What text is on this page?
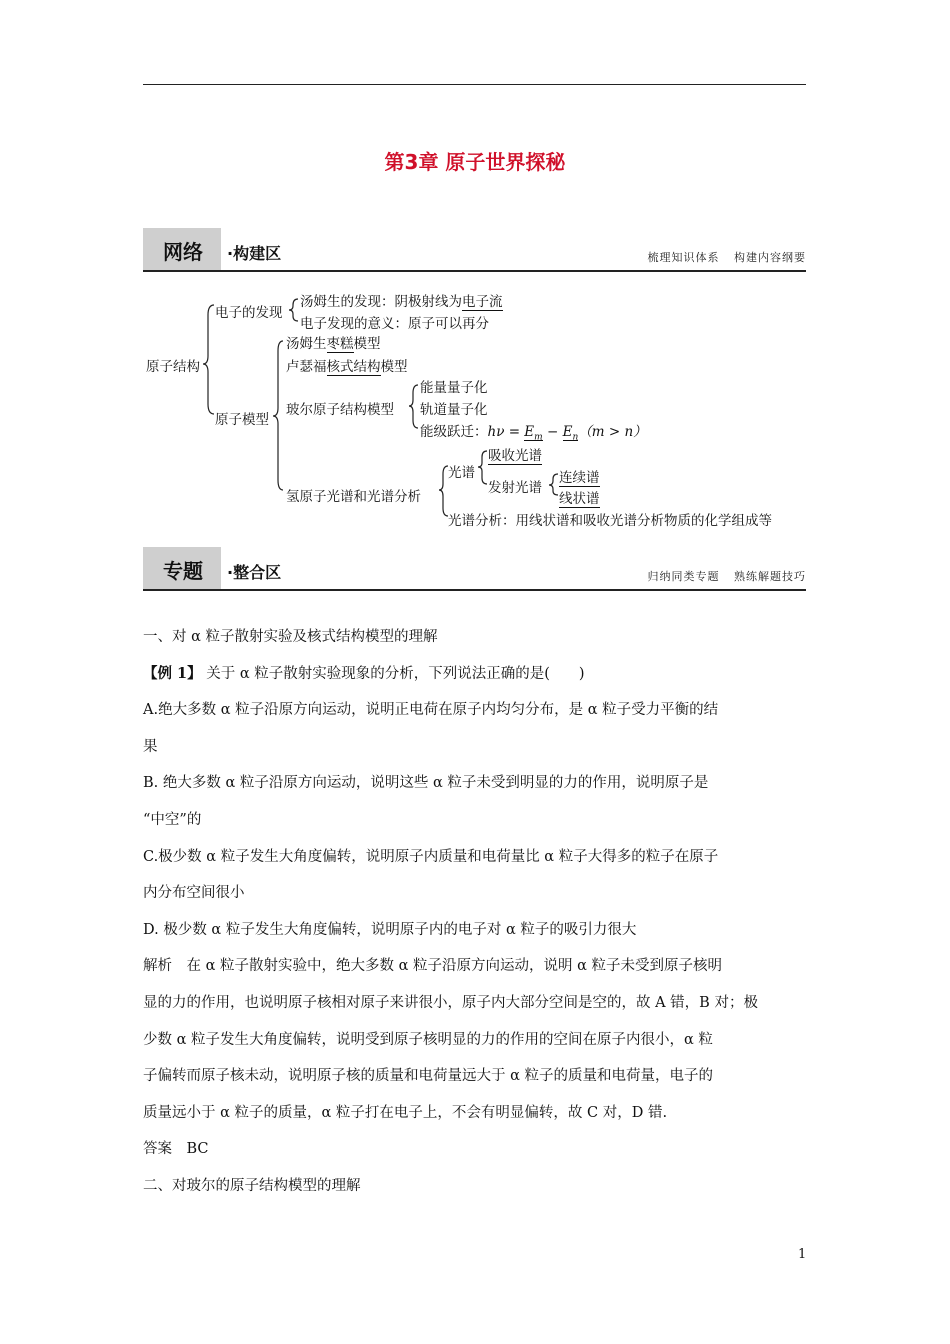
第3章 原子世界探秘
网络 ·构建区	梳理知识体系 构建内容纲要
原子结构
电子的发现
汤姆生的发现：阴极射线为电子流
电子发现的意义：原子可以再分
原子模型
汤姆生枣糕模型
卢瑟福核式结构模型
玻尔原子结构模型
能量量子化
轨道量子化
能级跃迁：$h\nu = E_m - E_n(m > n)$
氢原子光谱和光谱分析
光谱
吸收光谱
发射光谱
连续谱
线状谱
光谱分析：用线状谱和吸收光谱分析物质的化学组成等
专题 ·整合区	归纳同类专题 熟练解题技巧

一、对 α 粒子散射实验及核式结构模型的理解

【例 1】 关于 α 粒子散射实验现象的分析，下列说法正确的是(　　)

A.绝大多数 α 粒子沿原方向运动，说明正电荷在原子内均匀分布，是 α 粒子受力平衡的结

果

B. 绝大多数 α 粒子沿原方向运动，说明这些 α 粒子未受到明显的力的作用，说明原子是

“中空”的

C.极少数 α 粒子发生大角度偏转，说明原子内质量和电荷量比 α 粒子大得多的粒子在原子

内分布空间很小

D. 极少数 α 粒子发生大角度偏转，说明原子内的电子对 α 粒子的吸引力很大

解析　在 α 粒子散射实验中，绝大多数 α 粒子沿原方向运动，说明 α 粒子未受到原子核明

显的力的作用，也说明原子核相对原子来讲很小，原子内大部分空间是空的，故 A 错，B 对；极

少数 α 粒子发生大角度偏转，说明受到原子核明显的力的作用的空间在原子内很小，α 粒

子偏转而原子核未动，说明原子核的质量和电荷量远大于 α 粒子的质量和电荷量，电子的

质量远小于 α 粒子的质量，α 粒子打在电子上，不会有明显偏转，故 C 对，D 错.

答案　BC

二、对玻尔的原子结构模型的理解

1
